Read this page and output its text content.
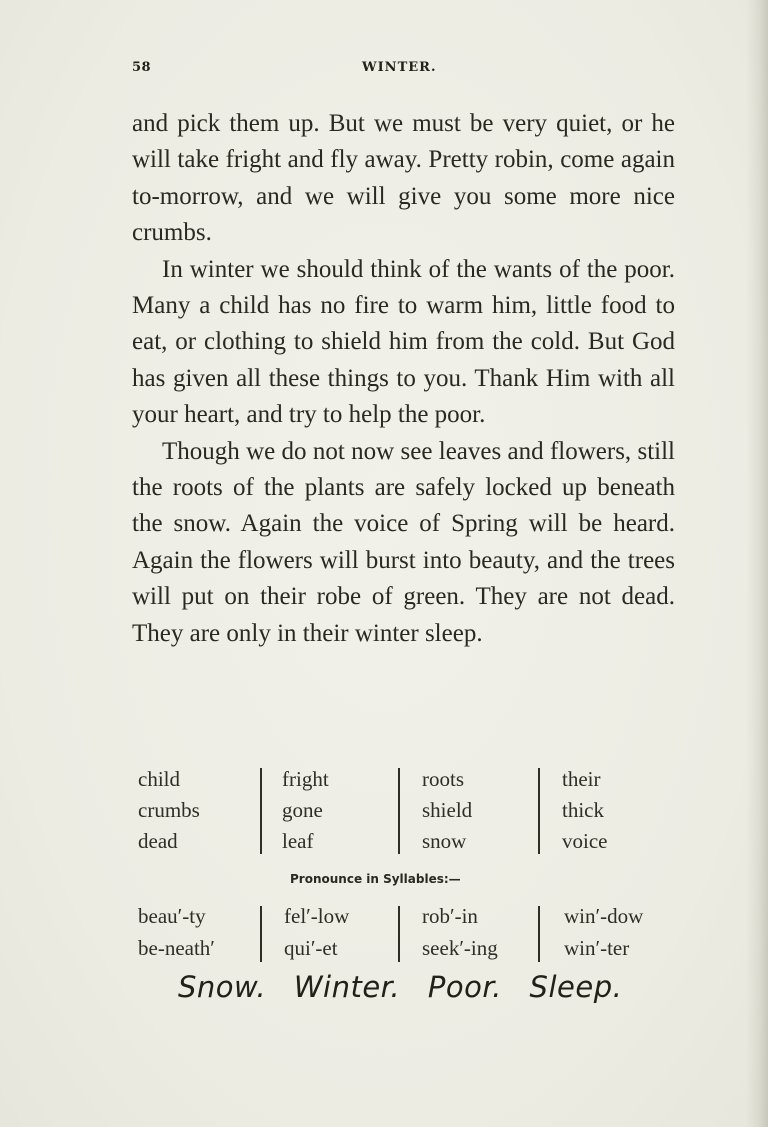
58	WINTER.

and pick them up. But we must be very quiet, or he will take fright and fly away. Pretty robin, come again to-morrow, and we will give you some more nice crumbs.

In winter we should think of the wants of the poor. Many a child has no fire to warm him, little food to eat, or clothing to shield him from the cold. But God has given all these things to you. Thank Him with all your heart, and try to help the poor.

Though we do not now see leaves and flowers, still the roots of the plants are safely locked up beneath the snow. Again the voice of Spring will be heard. Again the flowers will burst into beauty, and the trees will put on their robe of green. They are not dead. They are only in their winter sleep.

child
crumbs
dead
fright
gone
leaf
roots
shield
snow
their
thick
voice
Pronounce in Syllables:—
beau′-ty
be-neath′
fel′-low
qui′-et
rob′-in
seek′-ing
win′-dow
win′-ter
Snow. Winter. Poor. Sleep.
